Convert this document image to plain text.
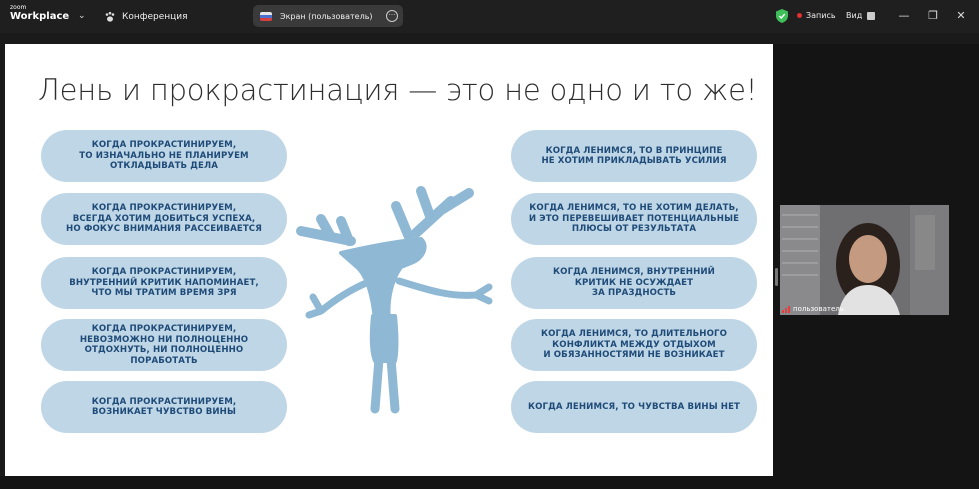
zoom
Workplace ⌄	Конференция	Экран (пользователь)	···	Запись Вид	— ❐	✕
Лень и прокрастинация — это не одно и то же!
КОГДА ПРОКРАСТИНИРУЕМ,
ТО ИЗНАЧАЛЬНО НЕ ПЛАНИРУЕМ
ОТКЛАДЫВАТЬ ДЕЛА
КОГДА ПРОКРАСТИНИРУЕМ,
ВСЕГДА ХОТИМ ДОБИТЬСЯ УСПЕХА,
НО ФОКУС ВНИМАНИЯ РАССЕИВАЕТСЯ
КОГДА ПРОКРАСТИНИРУЕМ,
ВНУТРЕННИЙ КРИТИК НАПОМИНАЕТ,
ЧТО МЫ ТРАТИМ ВРЕМЯ ЗРЯ
КОГДА ПРОКРАСТИНИРУЕМ,
НЕВОЗМОЖНО НИ ПОЛНОЦЕННО
ОТДОХНУТЬ, НИ ПОЛНОЦЕННО
ПОРАБОТАТЬ
КОГДА ПРОКРАСТИНИРУЕМ,
ВОЗНИКАЕТ ЧУВСТВО ВИНЫ
КОГДА ЛЕНИМСЯ, ТО В ПРИНЦИПЕ
НЕ ХОТИМ ПРИКЛАДЫВАТЬ УСИЛИЯ
КОГДА ЛЕНИМСЯ, ТО НЕ ХОТИМ ДЕЛАТЬ,
И ЭТО ПЕРЕВЕШИВАЕТ ПОТЕНЦИАЛЬНЫЕ
ПЛЮСЫ ОТ РЕЗУЛЬТАТА
КОГДА ЛЕНИМСЯ, ВНУТРЕННИЙ
КРИТИК НЕ ОСУЖДАЕТ
ЗА ПРАЗДНОСТЬ
КОГДА ЛЕНИМСЯ, ТО ДЛИТЕЛЬНОГО
КОНФЛИКТА МЕЖДУ ОТДЫХОМ
И ОБЯЗАННОСТЯМИ НЕ ВОЗНИКАЕТ
КОГДА ЛЕНИМСЯ, ТО ЧУВСТВА ВИНЫ НЕТ
пользователь
